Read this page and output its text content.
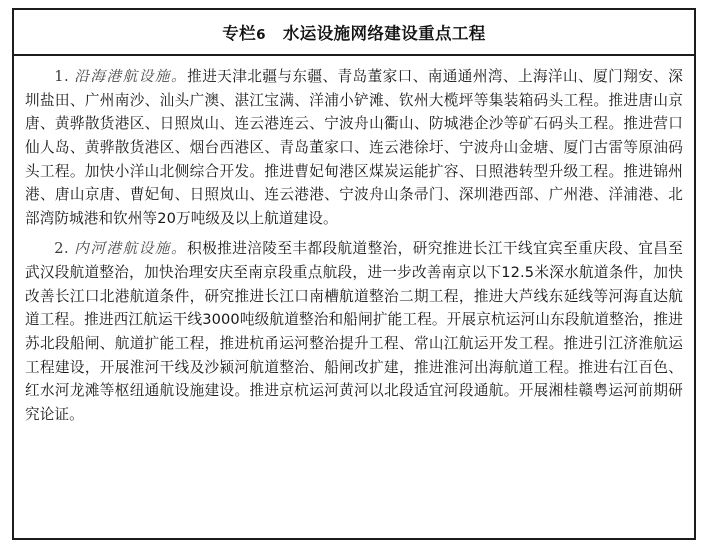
专栏6 水运设施网络建设重点工程

1. 沿海港航设施。推进天津北疆与东疆、青岛董家口、南通通州湾、上海洋山、厦门翔安、深圳盐田、广州南沙、汕头广澳、湛江宝满、洋浦小铲滩、钦州大榄坪等集装箱码头工程。推进唐山京唐、黄骅散货港区、日照岚山、连云港连云、宁波舟山衢山、防城港企沙等矿石码头工程。推进营口仙人岛、黄骅散货港区、烟台西港区、青岛董家口、连云港徐圩、宁波舟山金塘、厦门古雷等原油码头工程。加快小洋山北侧综合开发。推进曹妃甸港区煤炭运能扩容、日照港转型升级工程。推进锦州港、唐山京唐、曹妃甸、日照岚山、连云港港、宁波舟山条帚门、深圳港西部、广州港、洋浦港、北部湾防城港和钦州等20万吨级及以上航道建设。

2. 内河港航设施。积极推进涪陵至丰都段航道整治，研究推进长江干线宜宾至重庆段、宜昌至武汉段航道整治，加快治理安庆至南京段重点航段，进一步改善南京以下12.5米深水航道条件，加快改善长江口北港航道条件，研究推进长江口南槽航道整治二期工程，推进大芦线东延线等河海直达航道工程。推进西江航运干线3000吨级航道整治和船闸扩能工程。开展京杭运河山东段航道整治，推进苏北段船闸、航道扩能工程，推进杭甬运河整治提升工程、常山江航运开发工程。推进引江济淮航运工程建设，开展淮河干线及沙颍河航道整治、船闸改扩建，推进淮河出海航道工程。推进右江百色、红水河龙滩等枢纽通航设施建设。推进京杭运河黄河以北段适宜河段通航。开展湘桂赣粤运河前期研究论证。
